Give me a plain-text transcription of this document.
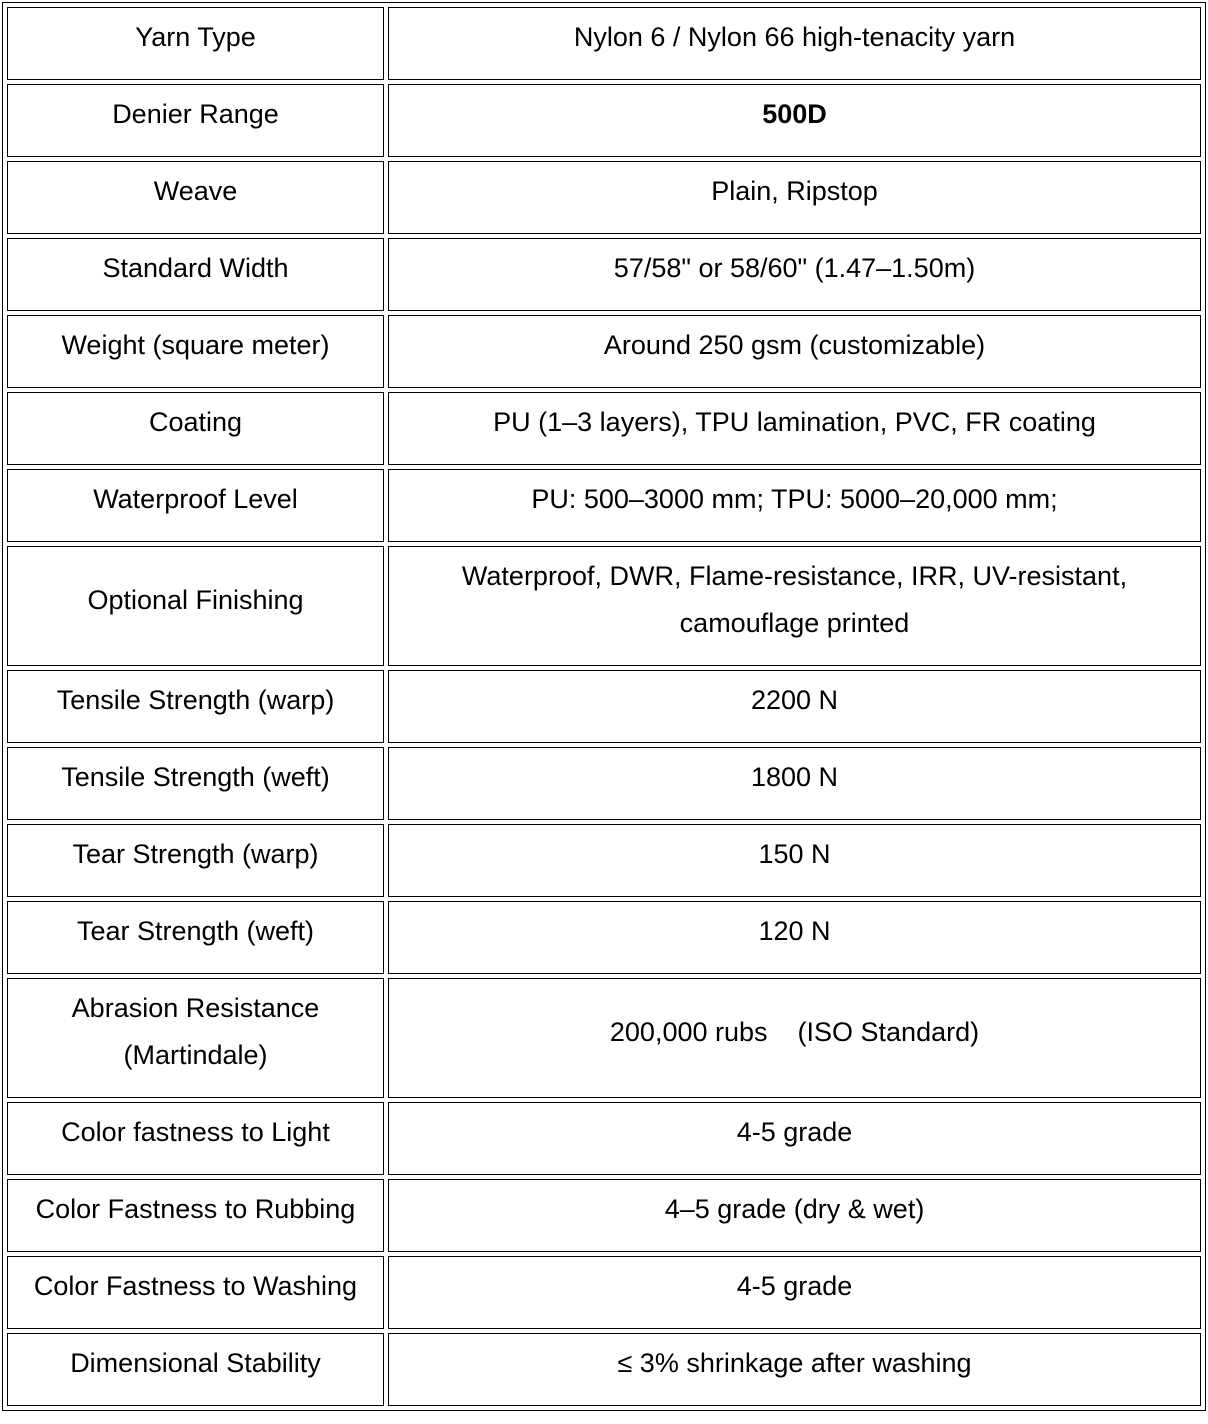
Yarn Type	Nylon 6 / Nylon 66 high-tenacity yarn
Denier Range	500D
Weave	Plain, Ripstop
Standard Width	57/58" or 58/60" (1.47–1.50m)
Weight (square meter)	Around 250 gsm (customizable)
Coating	PU (1–3 layers), TPU lamination, PVC, FR coating
Waterproof Level	PU: 500–3000 mm; TPU: 5000–20,000 mm;
Optional Finishing	Waterproof, DWR, Flame-resistance, IRR, UV-resistant, camouflage printed
Tensile Strength (warp)	2200 N
Tensile Strength (weft)	1800 N
Tear Strength (warp)	150 N
Tear Strength (weft)	120 N
Abrasion Resistance (Martindale)	200,000 rubs    (ISO Standard)
Color fastness to Light	4-5 grade
Color Fastness to Rubbing	4–5 grade (dry & wet)
Color Fastness to Washing	4-5 grade
Dimensional Stability	≤ 3% shrinkage after washing
